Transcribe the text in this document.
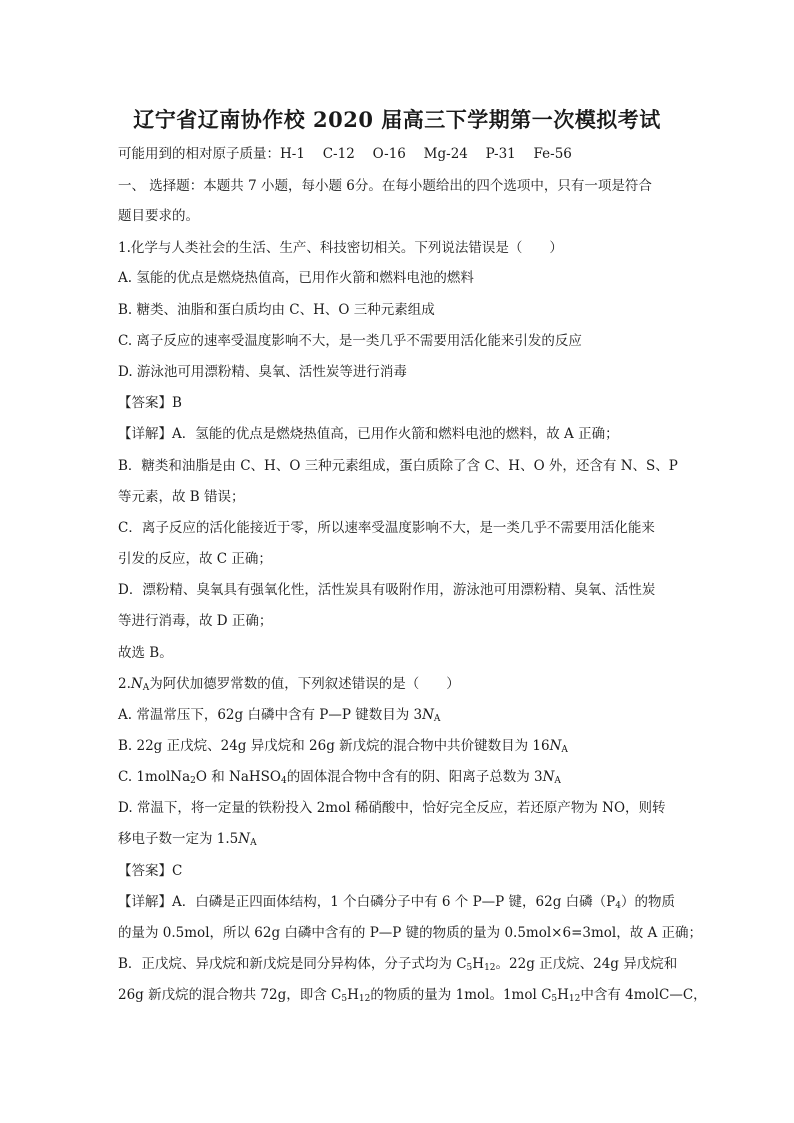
辽宁省辽南协作校 2020 届高三下学期第一次模拟考试
可能用到的相对原子质量：H-1　 C-12　 O-16　 Mg-24　 P-31　 Fe-56
一、 选择题：本题共 7 小题，每小题 6分。在每小题给出的四个选项中，只有一项是符合
题目要求的。
1.化学与人类社会的生活、生产、科技密切相关。下列说法错误是（　　）
A. 氢能的优点是燃烧热值高，已用作火箭和燃料电池的燃料
B. 糖类、油脂和蛋白质均由 C、H、O 三种元素组成
C. 离子反应的速率受温度影响不大，是一类几乎不需要用活化能来引发的反应
D. 游泳池可用漂粉精、臭氧、活性炭等进行消毒
【答案】B
【详解】A．氢能的优点是燃烧热值高，已用作火箭和燃料电池的燃料，故 A 正确；
B．糖类和油脂是由 C、H、O 三种元素组成，蛋白质除了含 C、H、O 外，还含有 N、S、P
等元素，故 B 错误；
C．离子反应的活化能接近于零，所以速率受温度影响不大，是一类几乎不需要用活化能来
引发的反应，故 C 正确；
D．漂粉精、臭氧具有强氧化性，活性炭具有吸附作用，游泳池可用漂粉精、臭氧、活性炭
等进行消毒，故 D 正确；
故选 B。
$2.N_A$为阿伏加德罗常数的值，下列叙述错误的是（　　）
A. 常温常压下，62g 白磷中含有 P—P 键数目为 $3N_A$
B. 22g 正戊烷、24g 异戊烷和 26g 新戊烷的混合物中共价键数目为 $16N_A$
C. 1molNa$_2$O 和 NaHSO$_4$的固体混合物中含有的阴、阳离子总数为 $3N_A$
D. 常温下，将一定量的铁粉投入 2mol 稀硝酸中，恰好完全反应，若还原产物为 NO，则转
移电子数一定为 $1.5N_A$
【答案】C
【详解】A．白磷是正四面体结构，1 个白磷分子中有 6 个 P—P 键，62g 白磷$(P_4)$的物质
的量为 0.5mol，所以 62g 白磷中含有的 P—P 键的物质的量为 0.5mol×6=3mol，故 A 正确；
B．正戊烷、异戊烷和新戊烷是同分异构体，分子式均为 $C_5H_{12}$。22g 正戊烷、24g 异戊烷和
26g 新戊烷的混合物共 72g，即含 $C_5H_{12}$的物质的量为 1mol。1mol $C_5H_{12}$中含有 4molC—C，
